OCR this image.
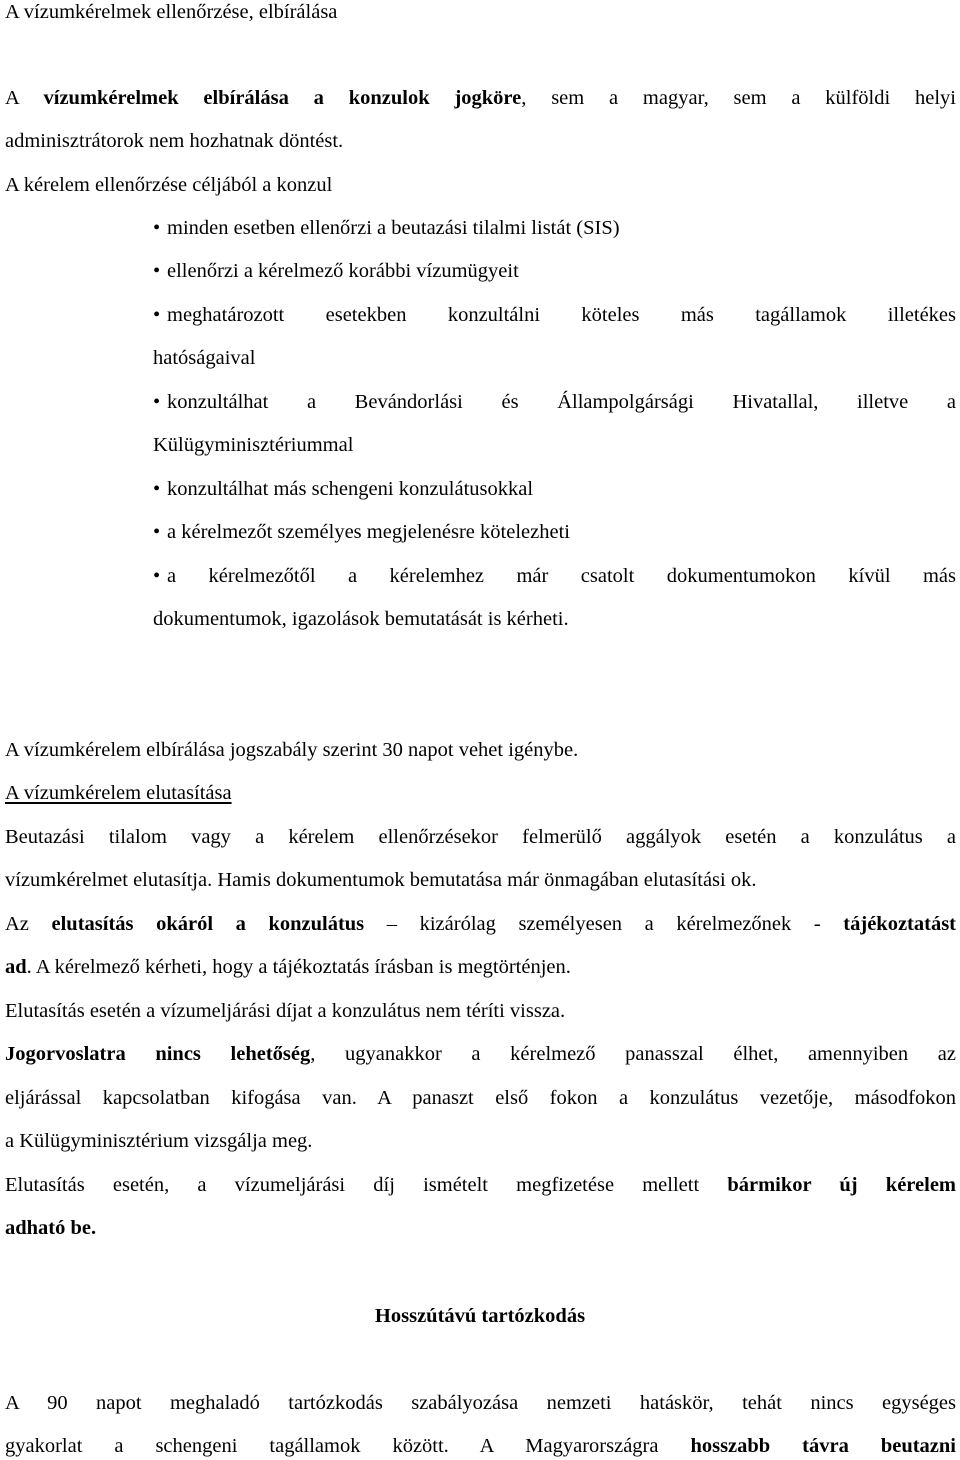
A vízumkérelmek ellenőrzése, elbírálása
A vízumkérelmek elbírálása a konzulok jogköre, sem a magyar, sem a külföldi helyi
adminisztrátorok nem hozhatnak döntést.
A kérelem ellenőrzése céljából a konzul
• minden esetben ellenőrzi a beutazási tilalmi listát (SIS)
• ellenőrzi a kérelmező korábbi vízumügyeit
• meghatározott esetekben konzultálni köteles más tagállamok illetékes
hatóságaival
• konzultálhat a Bevándorlási és Állampolgársági Hivatallal, illetve a
Külügyminisztériummal
• konzultálhat más schengeni konzulátusokkal
• a kérelmezőt személyes megjelenésre kötelezheti
• a kérelmezőtől a kérelemhez már csatolt dokumentumokon kívül más
dokumentumok, igazolások bemutatását is kérheti.
A vízumkérelem elbírálása jogszabály szerint 30 napot vehet igénybe.
A vízumkérelem elutasítása
Beutazási tilalom vagy a kérelem ellenőrzésekor felmerülő aggályok esetén a konzulátus a
vízumkérelmet elutasítja. Hamis dokumentumok bemutatása már önmagában elutasítási ok.
Az elutasítás okáról a konzulátus – kizárólag személyesen a kérelmezőnek - tájékoztatást
ad. A kérelmező kérheti, hogy a tájékoztatás írásban is megtörténjen.
Elutasítás esetén a vízumeljárási díjat a konzulátus nem téríti vissza.
Jogorvoslatra nincs lehetőség, ugyanakkor a kérelmező panasszal élhet, amennyiben az
eljárással kapcsolatban kifogása van. A panaszt első fokon a konzulátus vezetője, másodfokon
a Külügyminisztérium vizsgálja meg.
Elutasítás esetén, a vízumeljárási díj ismételt megfizetése mellett bármikor új kérelem
adható be.
Hosszútávú tartózkodás
A 90 napot meghaladó tartózkodás szabályozása nemzeti hatáskör, tehát nincs egységes
gyakorlat a schengeni tagállamok között. A Magyarországra hosszabb távra beutazni
